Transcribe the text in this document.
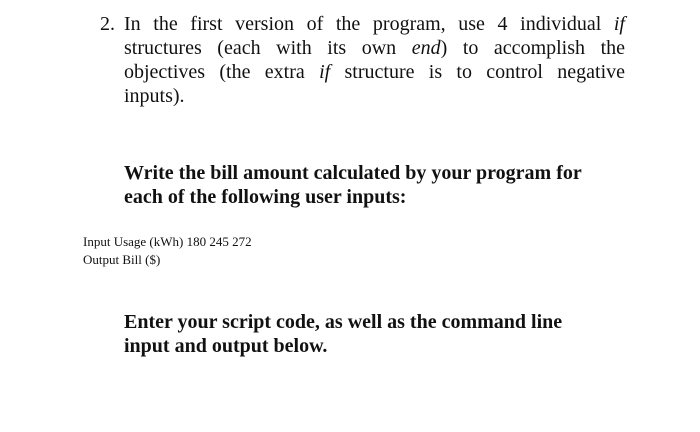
2. In the first version of the program, use 4 individual if structures (each with its own end) to accomplish the objectives (the extra if structure is to control negative inputs).
Write the bill amount calculated by your program for each of the following user inputs:
Input Usage (kWh) 180 245 272
Output Bill ($)
Enter your script code, as well as the command line input and output below.
